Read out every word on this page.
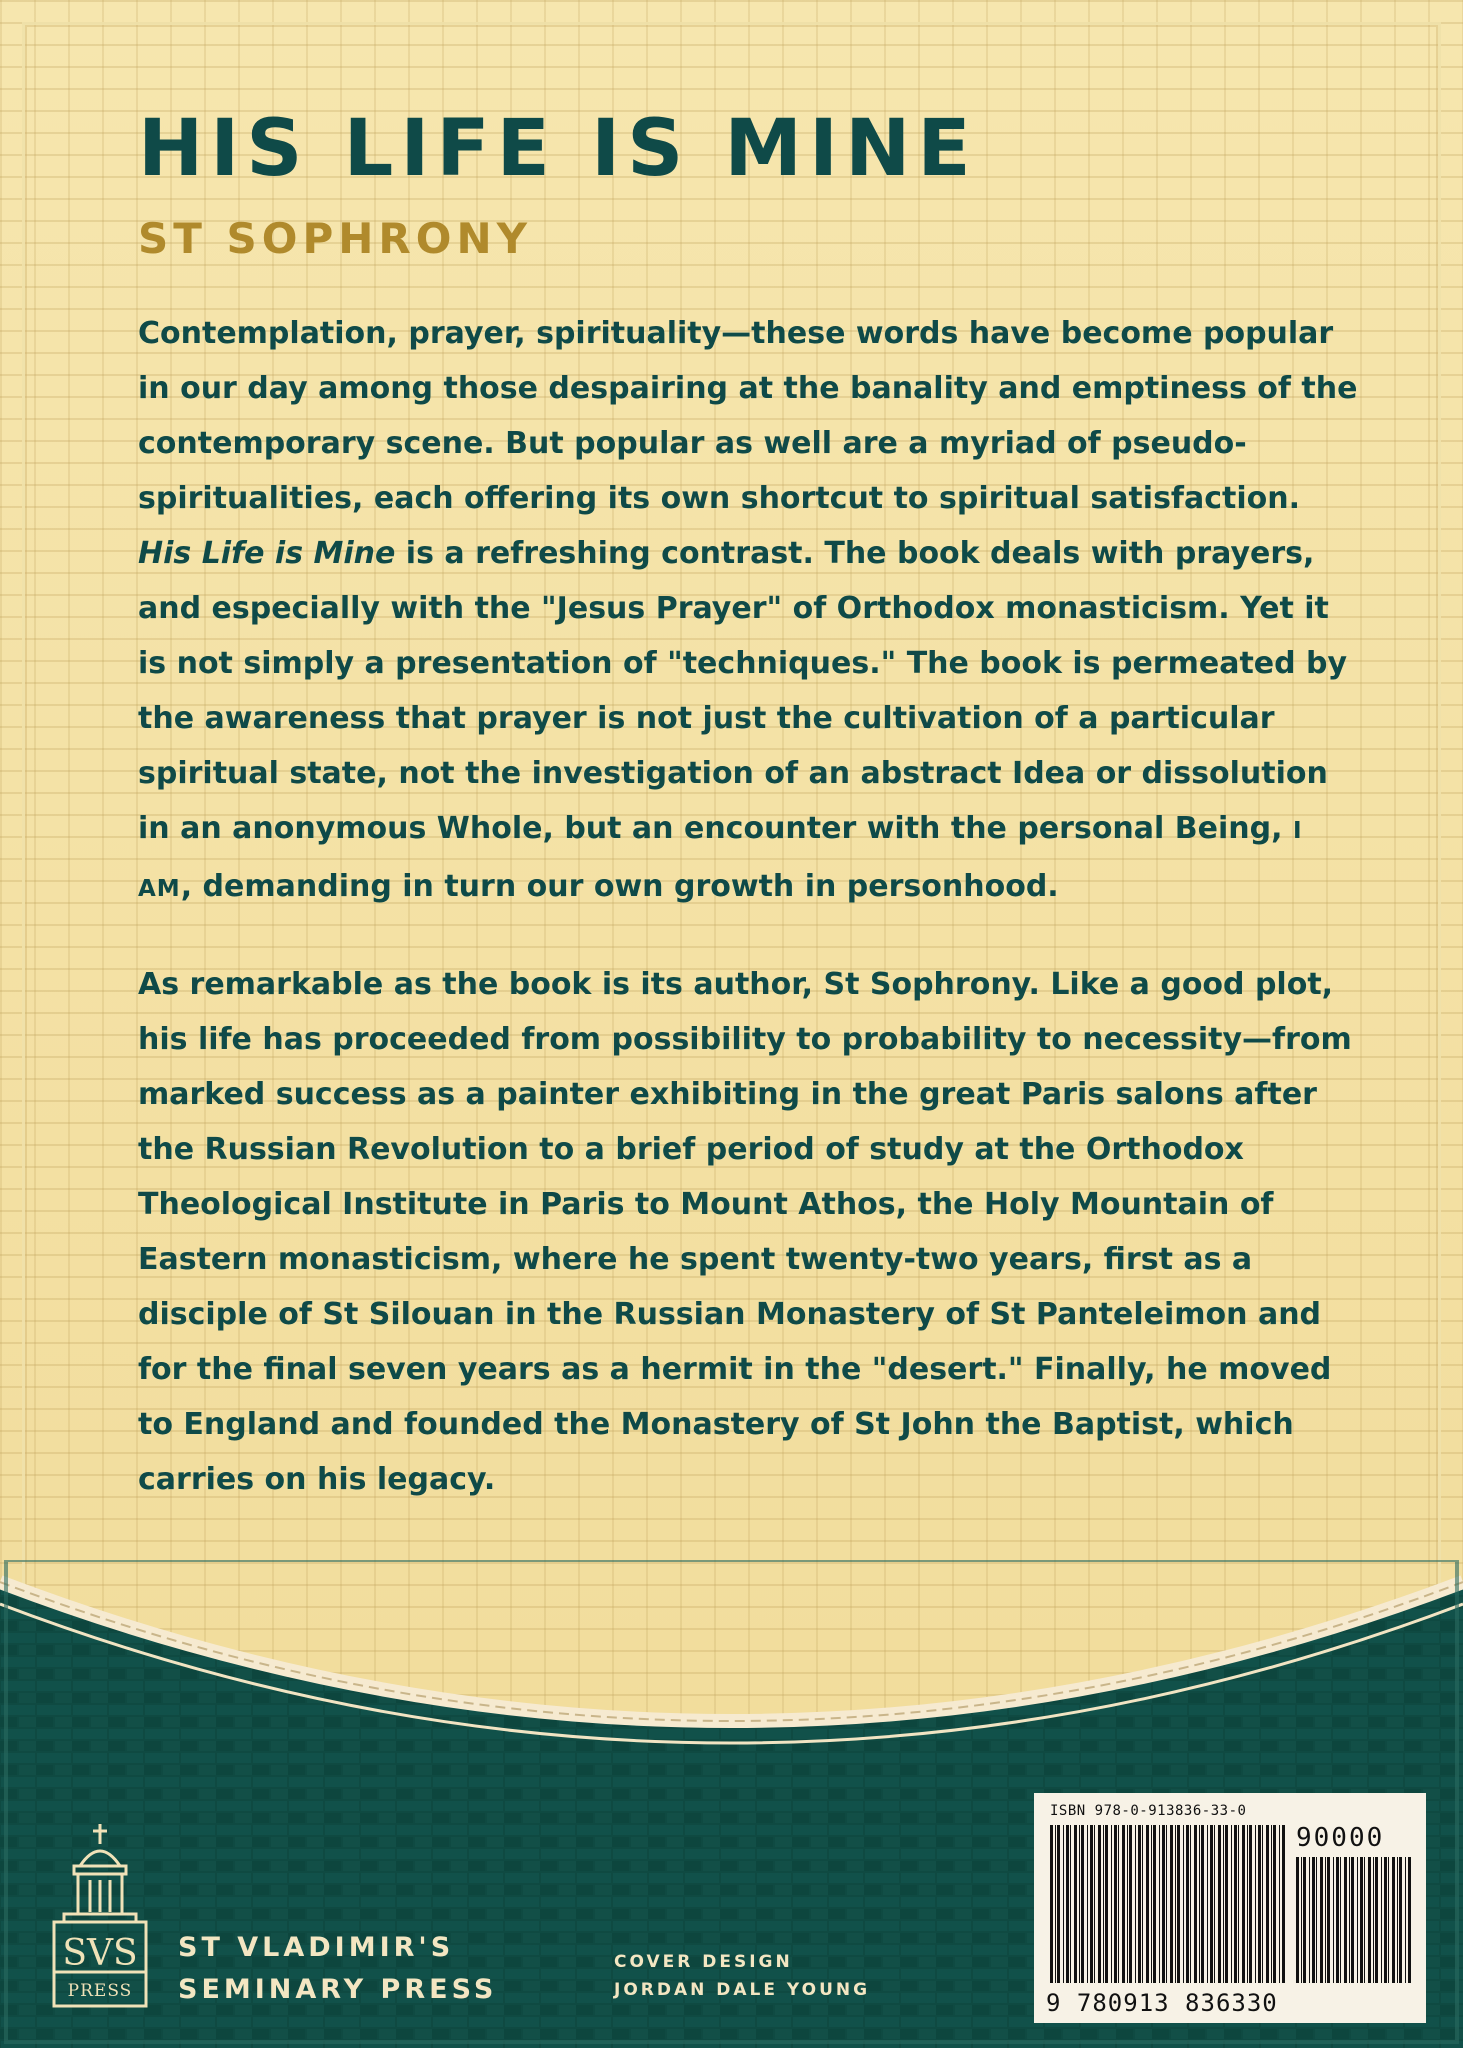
HIS LIFE IS MINE
ST SOPHRONY

Contemplation, prayer, spirituality—these words have become popular in our day among those despairing at the banality and emptiness of the contemporary scene. But popular as well are a myriad of pseudo-spiritualities, each offering its own shortcut to spiritual satisfaction. His Life is Mine is a refreshing contrast. The book deals with prayers, and especially with the "Jesus Prayer" of Orthodox monasticism. Yet it is not simply a presentation of "techniques." The book is permeated by the awareness that prayer is not just the cultivation of a particular spiritual state, not the investigation of an abstract Idea or dissolution in an anonymous Whole, but an encounter with the personal Being, I AM, demanding in turn our own growth in personhood.

As remarkable as the book is its author, St Sophrony. Like a good plot, his life has proceeded from possibility to probability to necessity—from marked success as a painter exhibiting in the great Paris salons after the Russian Revolution to a brief period of study at the Orthodox Theological Institute in Paris to Mount Athos, the Holy Mountain of Eastern monasticism, where he spent twenty-two years, first as a disciple of St Silouan in the Russian Monastery of St Panteleimon and for the final seven years as a hermit in the "desert." Finally, he moved to England and founded the Monastery of St John the Baptist, which carries on his legacy.

SVS
PRESS
ST VLADIMIR'S
SEMINARY PRESS
COVER DESIGN
JORDAN DALE YOUNG
ISBN 978-0-913836-33-0
90000
9 780913 836330
